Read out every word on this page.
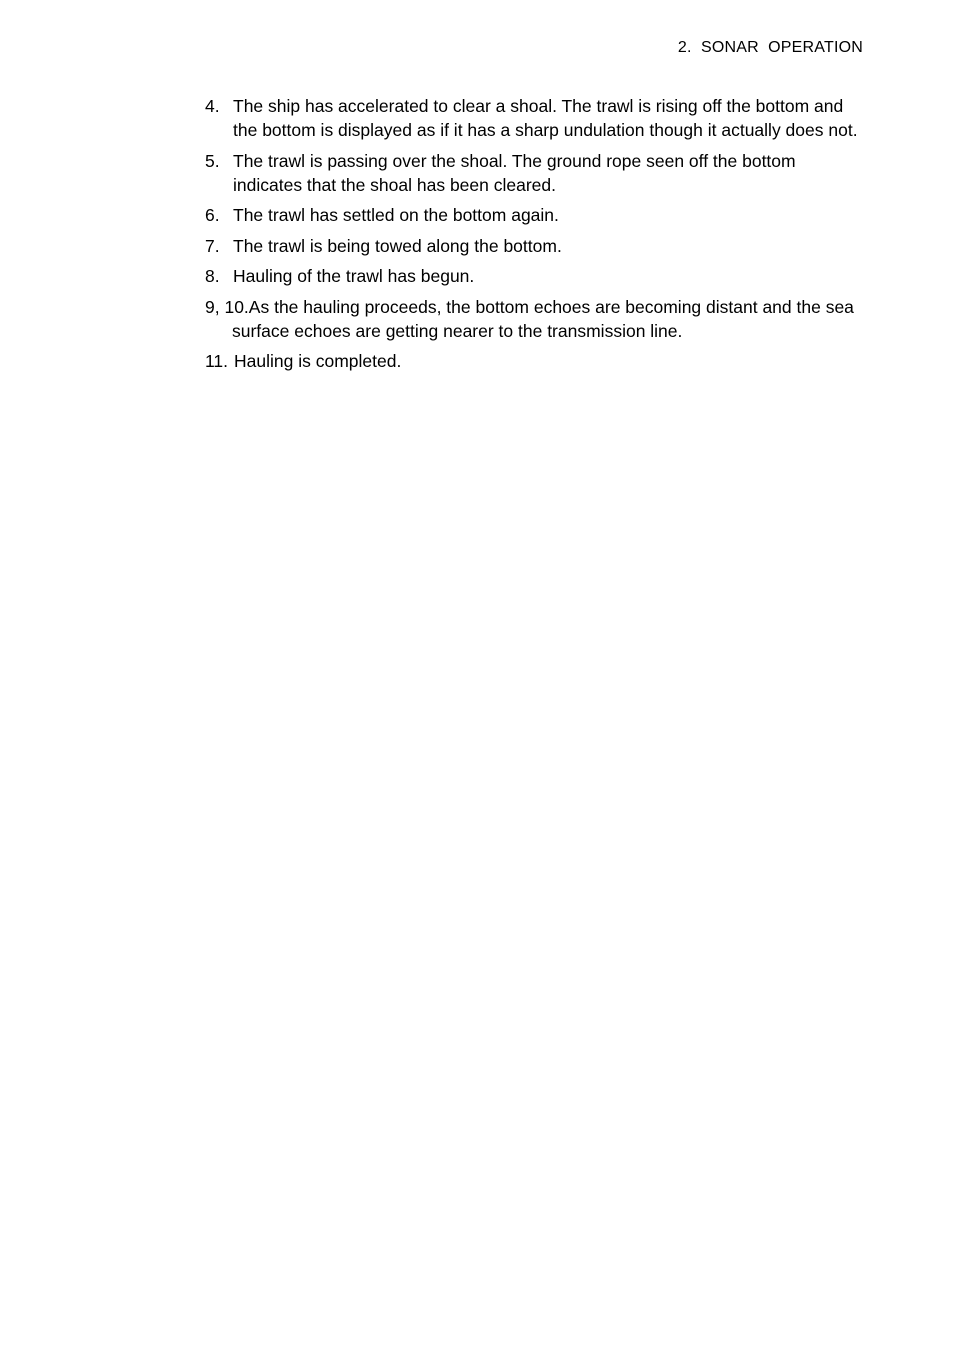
2.  SONAR  OPERATION
4. The ship has accelerated to clear a shoal. The trawl is rising off the bottom and the bottom is displayed as if it has a sharp undulation though it actually does not.
5. The trawl is passing over the shoal. The ground rope seen off the bottom indicates that the shoal has been cleared.
6. The trawl has settled on the bottom again.
7. The trawl is being towed along the bottom.
8. Hauling of the trawl has begun.
9, 10.As the hauling proceeds, the bottom echoes are becoming distant and the sea surface echoes are getting nearer to the transmission line.
11. Hauling is completed.
